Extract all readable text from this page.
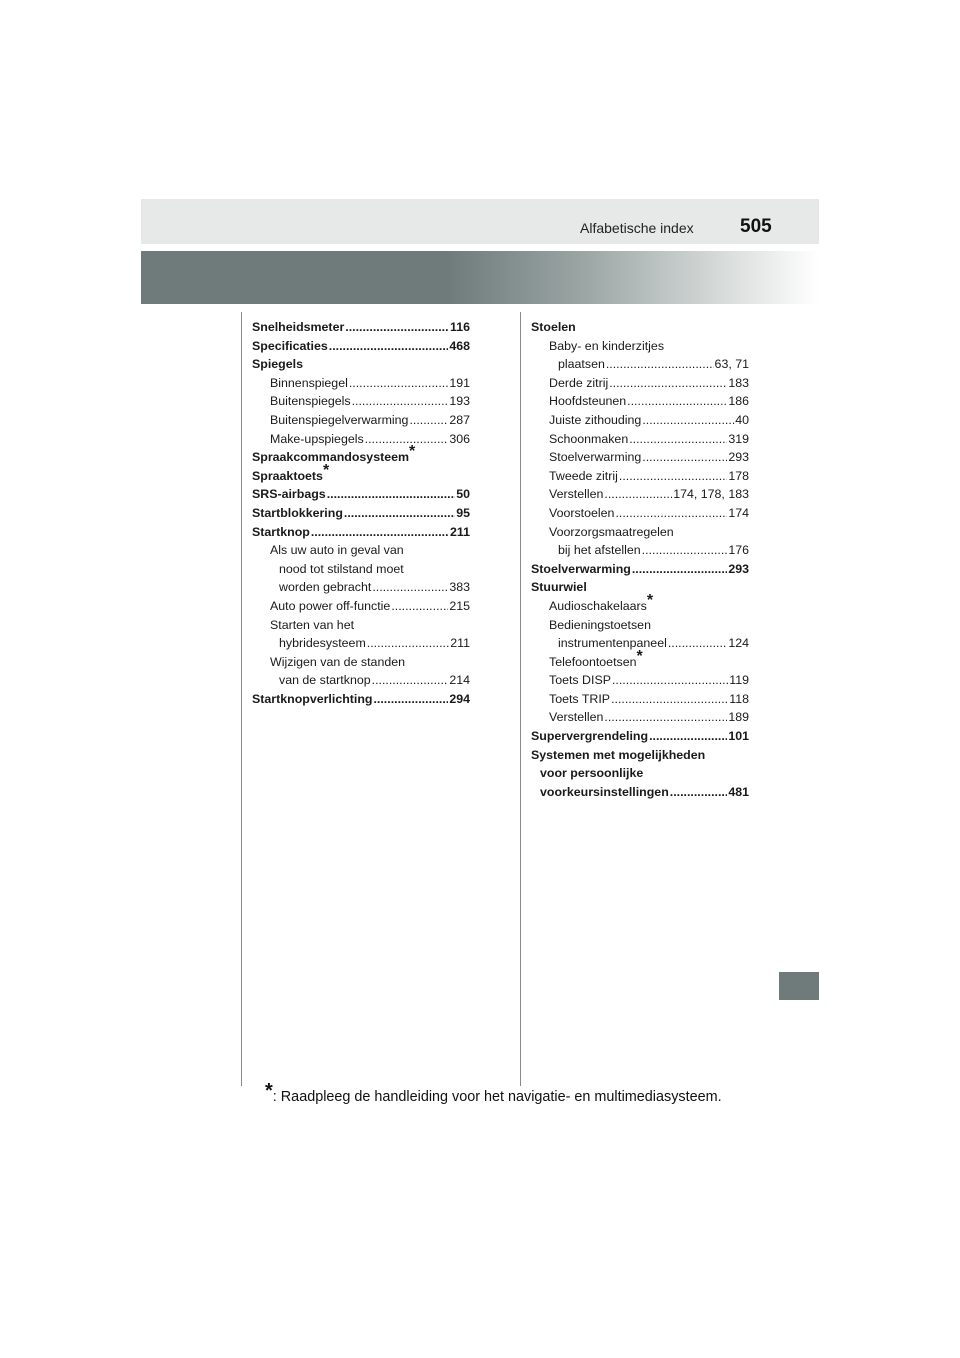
Alfabetische index 505
Snelheidsmeter .....	116
Specificaties .....	468
Spiegels
Binnenspiegel .....	191
Buitenspiegels .....	193
Buitenspiegelverwarming .....	287
Make-upspiegels .....	306
Spraakcommandosysteem*
Spraaktoets*
SRS-airbags .....	50
Startblokkering .....	95
Startknop .....	211
Als uw auto in geval van
nood tot stilstand moet
worden gebracht .....	383
Auto power off-functie .....	215
Starten van het
hybridesysteem .....	211
Wijzigen van de standen
van de startknop .....	214
Startknopverlichting .....	294
Stoelen
Baby- en kinderzitjes
plaatsen .....	63, 71
Derde zitrij .....	183
Hoofdsteunen .....	186
Juiste zithouding .....	40
Schoonmaken .....	319
Stoelverwarming .....	293
Tweede zitrij .....	178
Verstellen .....	174, 178, 183
Voorstoelen .....	174
Voorzorgsmaatregelen
bij het afstellen .....	176
Stoelverwarming .....	293
Stuurwiel
Audioschakelaars*
Bedieningstoetsen
instrumentenpaneel .....	124
Telefoontoetsen*
Toets DISP .....	119
Toets TRIP .....	118
Verstellen .....	189
Supervergrendeling .....	101
Systemen met mogelijkheden
voor persoonlijke
voorkeursinstellingen .....	481
*: Raadpleeg de handleiding voor het navigatie- en multimediasysteem.
